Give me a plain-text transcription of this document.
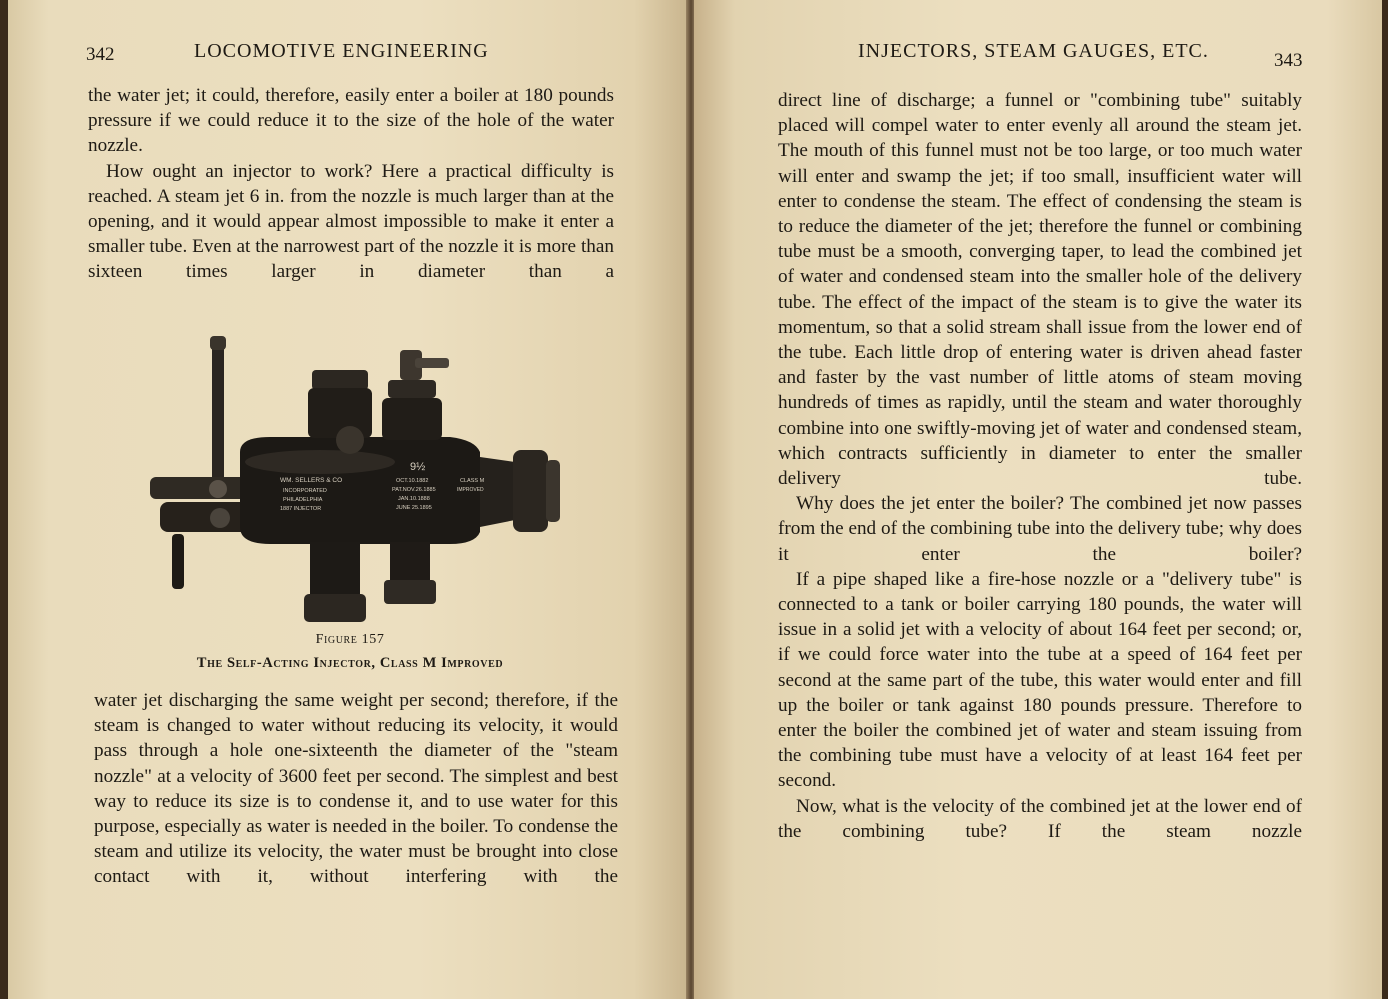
342	LOCOMOTIVE ENGINEERING

the water jet; it could, therefore, easily enter a boiler at 180 pounds pressure if we could reduce it to the size of the hole of the water nozzle.

How ought an injector to work? Here a practical difficulty is reached. A steam jet 6 in. from the nozzle is much larger than at the opening, and it would appear almost impossible to make it enter a smaller tube. Even at the narrowest part of the nozzle it is more than sixteen times larger in diameter than a

WM. SELLERS & CO
INCORPORATED
PHILADELPHIA
1887 INJECTOR
9½
OCT.10.1882
PAT.NOV.26.1885
JAN.10.1888
JUNE 25.1895
CLASS M
IMPROVED
Figure 157
The Self-Acting Injector, Class M Improved

water jet discharging the same weight per second; therefore, if the steam is changed to water without reducing its velocity, it would pass through a hole one-sixteenth the diameter of the "steam nozzle" at a velocity of 3600 feet per second. The simplest and best way to reduce its size is to condense it, and to use water for this purpose, especially as water is needed in the boiler. To condense the steam and utilize its velocity, the water must be brought into close contact with it, without interfering with the

INJECTORS, STEAM GAUGES, ETC.	343

direct line of discharge; a funnel or "combining tube" suitably placed will compel water to enter evenly all around the steam jet. The mouth of this funnel must not be too large, or too much water will enter and swamp the jet; if too small, insufficient water will enter to condense the steam. The effect of condensing the steam is to reduce the diameter of the jet; therefore the funnel or combining tube must be a smooth, converging taper, to lead the combined jet of water and condensed steam into the smaller hole of the delivery tube. The effect of the impact of the steam is to give the water its momentum, so that a solid stream shall issue from the lower end of the tube. Each little drop of entering water is driven ahead faster and faster by the vast number of little atoms of steam moving hundreds of times as rapidly, until the steam and water thoroughly combine into one swiftly-moving jet of water and condensed steam, which contracts sufficiently in diameter to enter the smaller delivery tube.

Why does the jet enter the boiler? The combined jet now passes from the end of the combining tube into the delivery tube; why does it enter the boiler?

If a pipe shaped like a fire-hose nozzle or a "delivery tube" is connected to a tank or boiler carrying 180 pounds, the water will issue in a solid jet with a velocity of about 164 feet per second; or, if we could force water into the tube at a speed of 164 feet per second at the same part of the tube, this water would enter and fill up the boiler or tank against 180 pounds pressure. Therefore to enter the boiler the combined jet of water and steam issuing from the combining tube must have a velocity of at least 164 feet per second.

Now, what is the velocity of the combined jet at the lower end of the combining tube? If the steam nozzle
